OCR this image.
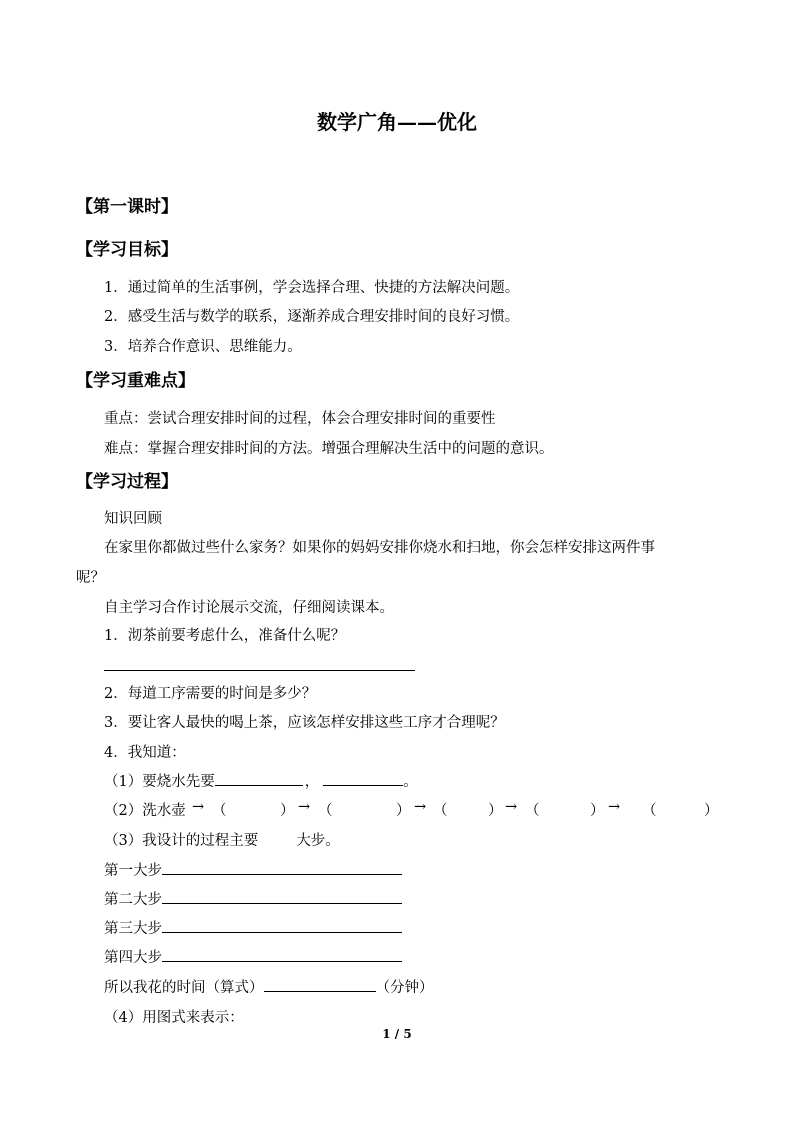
数学广角——优化
【第一课时】
【学习目标】
1．通过简单的生活事例，学会选择合理、快捷的方法解决问题。
2．感受生活与数学的联系，逐渐养成合理安排时间的良好习惯。
3．培养合作意识、思维能力。
【学习重难点】
重点：尝试合理安排时间的过程，体会合理安排时间的重要性
难点：掌握合理安排时间的方法。增强合理解决生活中的问题的意识。
【学习过程】
知识回顾
在家里你都做过些什么家务？如果你的妈妈安排你烧水和扫地，你会怎样安排这两件事
呢？
自主学习合作讨论展示交流，仔细阅读课本。
1．沏茶前要考虑什么，准备什么呢？
2．每道工序需要的时间是多少？
3．要让客人最快的喝上茶，应该怎样安排这些工序才合理呢？
4．我知道：
（1）要烧水先要	，	。
（2）洗水壶 → （	） → （	） → （	） → （	） → （	）
（3）我设计的过程主要	大步。
第一大步
第二大步
第三大步
第四大步
所以我花的时间（算式）	（分钟）
（4）用图式来表示：
1 / 5
